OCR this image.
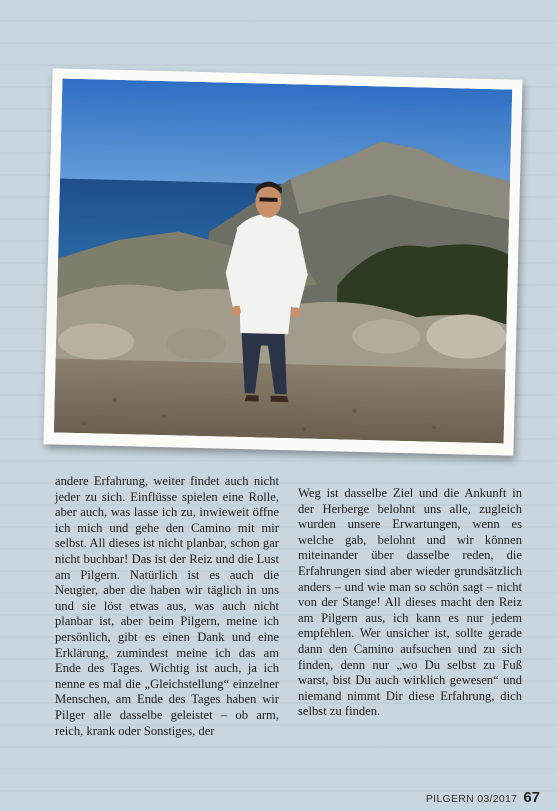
andere Erfahrung, weiter findet auch nicht jeder zu sich. Einflüsse spielen eine Rolle, aber auch, was lasse ich zu, inwieweit öffne ich mich und gehe den Camino mit mir selbst. All dieses ist nicht planbar, schon gar nicht buchbar! Das ist der Reiz und die Lust am Pilgern. Natürlich ist es auch die Neugier, aber die haben wir täglich in uns und sie löst etwas aus, was auch nicht planbar ist, aber beim Pilgern, meine ich persönlich, gibt es einen Dank und eine Erklärung, zumindest meine ich das am Ende des Tages. Wichtig ist auch, ja ich nenne es mal die „Gleichstellung“ einzelner Menschen, am Ende des Tages haben wir Pilger alle dasselbe geleistet – ob arm, reich, krank oder Sonstiges, der

Weg ist dasselbe Ziel und die Ankunft in der Herberge belohnt uns alle, zugleich wurden unsere Erwartungen, wenn es welche gab, belohnt und wir können miteinander über dasselbe reden, die Erfahrungen sind aber wieder grundsätzlich anders – und wie man so schön sagt – nicht von der Stange! All dieses macht den Reiz am Pilgern aus, ich kann es nur jedem empfehlen. Wer unsicher ist, sollte gerade dann den Camino aufsuchen und zu sich finden, denn nur „wo Du selbst zu Fuß warst, bist Du auch wirklich gewesen“ und niemand nimmt Dir diese Erfahrung, dich selbst zu finden.

PILGERN 03/2017 67
